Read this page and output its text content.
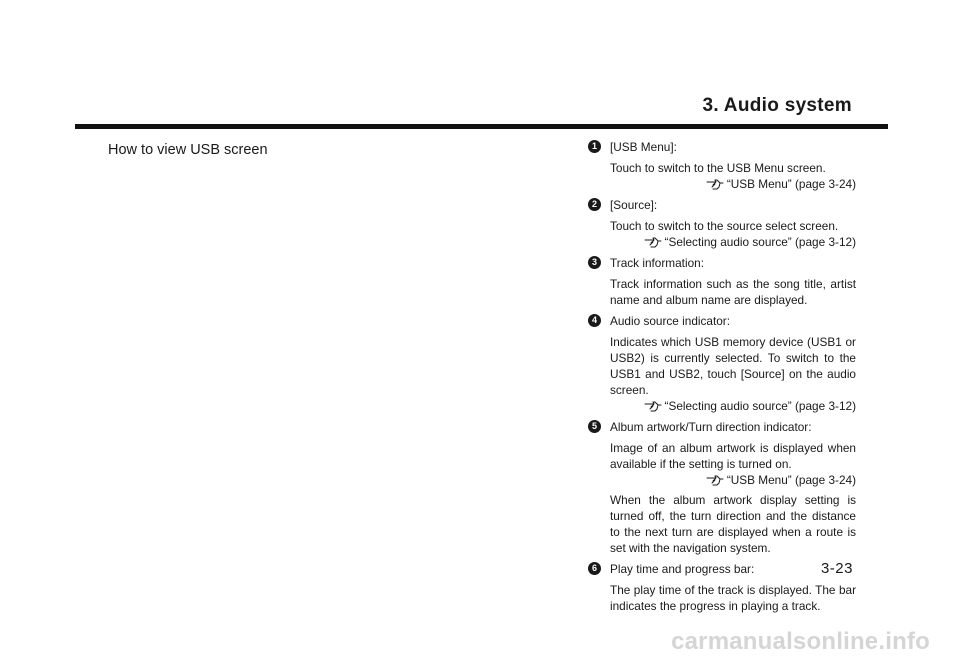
3. Audio system
How to view USB screen	1	[USB Menu]:
Touch to switch to the USB Menu screen.
“USB Menu” (page 3-24)
2	[Source]:
Touch to switch to the source select screen.
“Selecting audio source” (page 3-12)
3	Track information:
Track information such as the song title, artist name and album name are displayed.
4	Audio source indicator:
Indicates which USB memory device (USB1 or USB2) is currently selected. To switch to the USB1 and USB2, touch [Source] on the audio screen.
“Selecting audio source” (page 3-12)
5	Album artwork/Turn direction indicator:
Image of an album artwork is displayed when available if the setting is turned on.
“USB Menu” (page 3-24)
When the album artwork display setting is turned off, the turn direction and the distance to the next turn are displayed when a route is set with the navigation system.
6	Play time and progress bar:
The play time of the track is displayed. The bar indicates the progress in playing a track.
3-23
carmanualsonline.info
